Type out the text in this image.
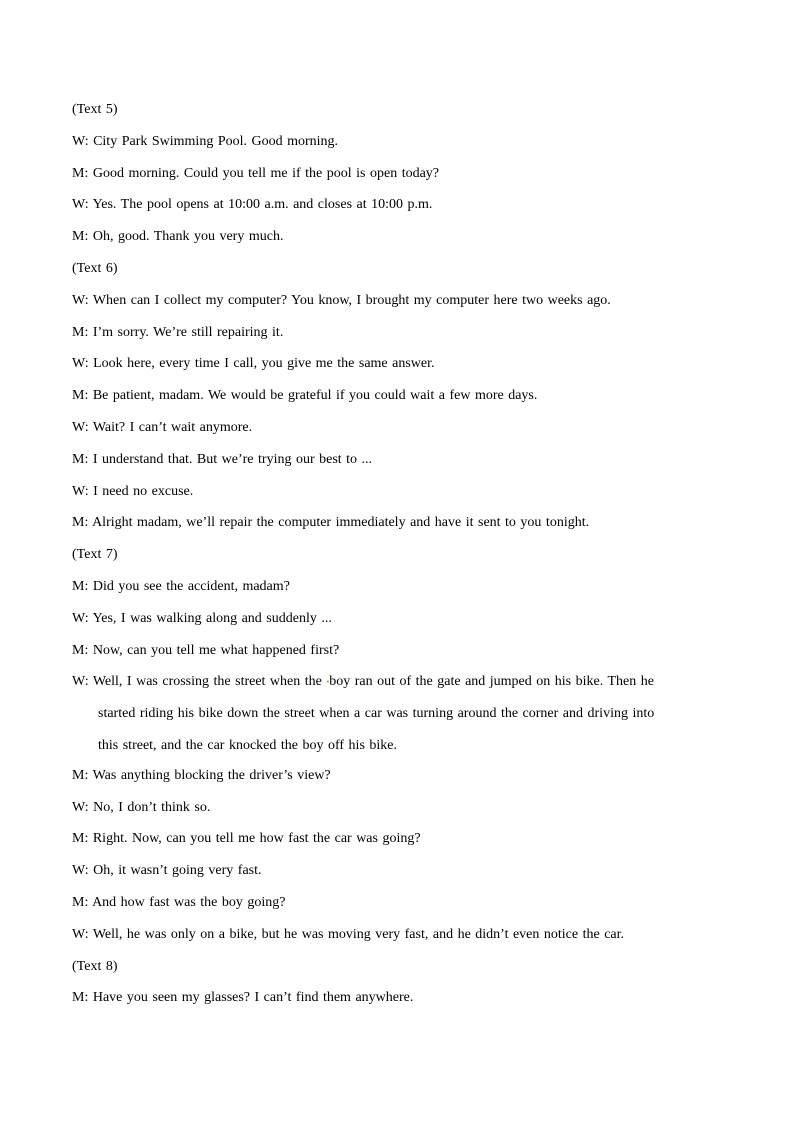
(Text 5)
W: City Park Swimming Pool. Good morning.
M: Good morning. Could you tell me if the pool is open today?
W: Yes. The pool opens at 10:00 a.m. and closes at 10:00 p.m.
M: Oh, good. Thank you very much.
(Text 6)
W: When can I collect my computer? You know, I brought my computer here two weeks ago.
M: I’m sorry. We’re still repairing it.
W: Look here, every time I call, you give me the same answer.
M: Be patient, madam. We would be grateful if you could wait a few more days.
W: Wait? I can’t wait anymore.
M: I understand that. But we’re trying our best to ...
W: I need no excuse.
M: Alright madam, we’ll repair the computer immediately and have it sent to you tonight.
(Text 7)
M: Did you see the accident, madam?
W: Yes, I was walking along and suddenly ...
M: Now, can you tell me what happened first?
W: Well, I was crossing the street when the ▪boy ran out of the gate and jumped on his bike. Then he
started riding his bike down the street when a car was turning around the corner and driving into
this street, and the car knocked the boy off his bike.
M: Was anything blocking the driver’s view?
W: No, I don’t think so.
M: Right. Now, can you tell me how fast the car was going?
W: Oh, it wasn’t going very fast.
M: And how fast was the boy going?
W: Well, he was only on a bike, but he was moving very fast, and he didn’t even notice the car.
(Text 8)
M: Have you seen my glasses? I can’t find them anywhere.
